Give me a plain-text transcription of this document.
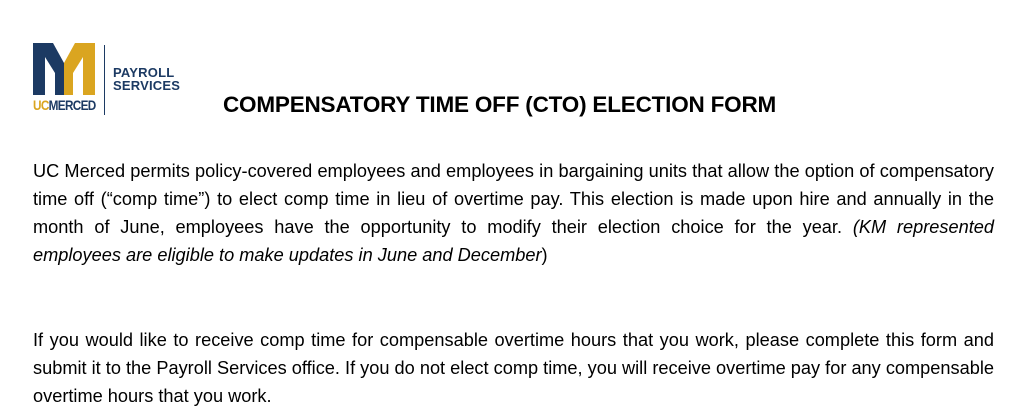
UCMERCED
PAYROLL
SERVICES
COMPENSATORY TIME OFF (CTO) ELECTION FORM
UC Merced permits policy-covered employees and employees in bargaining units that allow the option of compensatory time off (“comp time”) to elect comp time in lieu of overtime pay. This election is made upon hire and annually in the month of June, employees have the opportunity to modify their election choice for the year. (KM represented employees are eligible to make updates in June and December)
If you would like to receive comp time for compensable overtime hours that you work, please complete this form and submit it to the Payroll Services office. If you do not elect comp time, you will receive overtime pay for any compensable overtime hours that you work.
